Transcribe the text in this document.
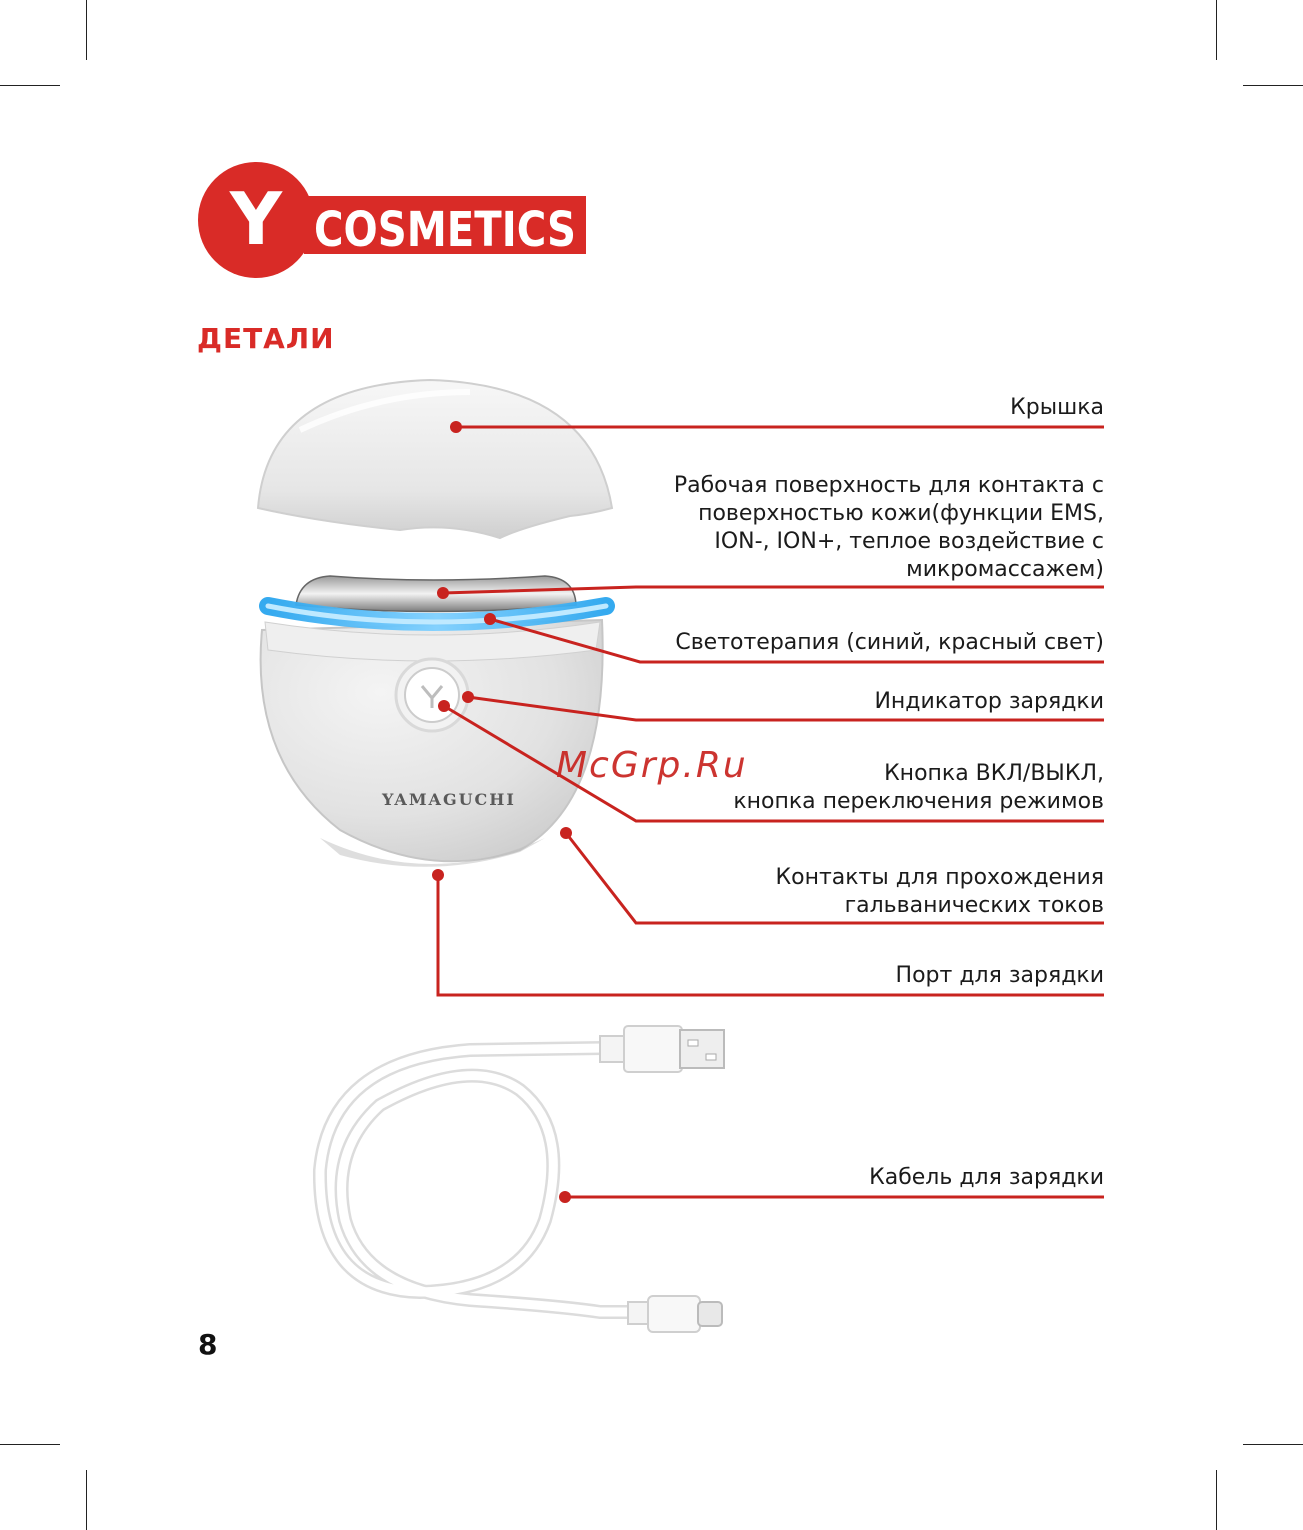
Y COSMETICS
ДЕТАЛИ
YAMAGUCHI
Крышка
Рабочая поверхность для контакта с
поверхностью кожи(функции EMS,
ION-, ION+, теплое воздействие с
микромассажем)
Светотерапия (синий, красный свет)
Индикатор зарядки
Кнопка ВКЛ/ВЫКЛ,
кнопка переключения режимов
Контакты для прохождения
гальванических токов
Порт для зарядки
Кабель для зарядки
McGrp.Ru
8
